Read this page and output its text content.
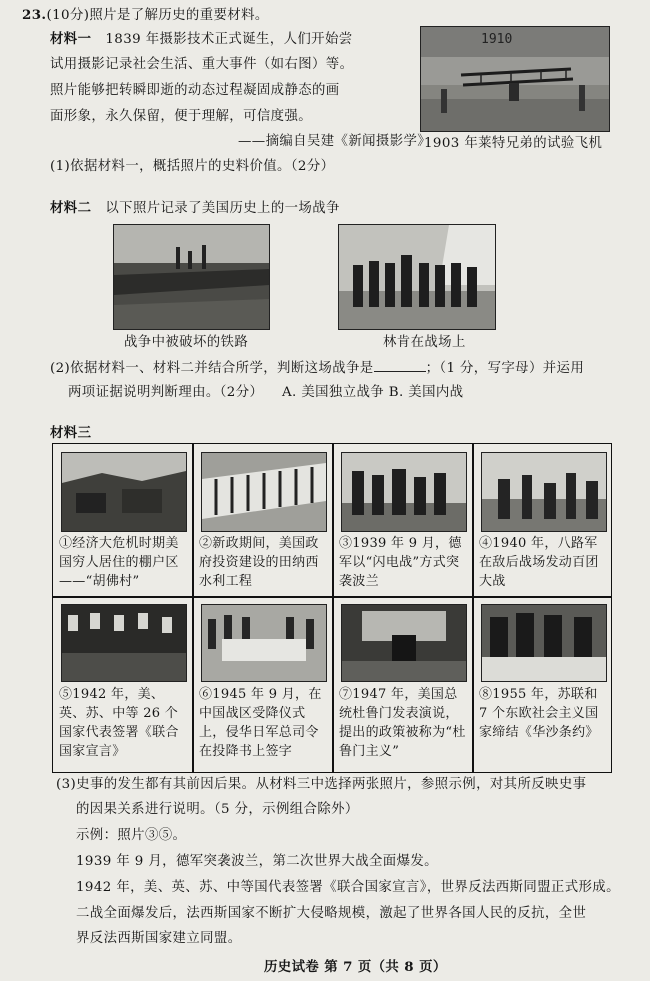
23.(10分)照片是了解历史的重要材料。
材料一 1839 年摄影技术正式诞生，人们开始尝
试用摄影记录社会生活、重大事件（如右图）等。
照片能够把转瞬即逝的动态过程凝固成静态的画
面形象，永久保留，便于理解，可信度强。
——摘编自吴建《新闻摄影学》
1910
1903 年莱特兄弟的试验飞机
(1)依据材料一，概括照片的史料价值。（2分）
材料二 以下照片记录了美国历史上的一场战争
战争中被破坏的铁路	林肯在战场上
(2)依据材料一、材料二并结合所学，判断这场战争是	；（1 分，写字母）并运用
两项证据说明判断理由。（2分） A. 美国独立战争 B. 美国内战
材料三
①经济大危机时期美国穷人居住的棚户区——“胡佛村”
②新政期间，美国政府投资建设的田纳西水利工程
③1939 年 9 月，德军以“闪电战”方式突袭波兰
④1940 年，八路军在敌后战场发动百团大战
⑤1942 年，美、英、苏、中等 26 个国家代表签署《联合国家宣言》
⑥1945 年 9 月，在中国战区受降仪式上，侵华日军总司令在投降书上签字
⑦1947 年，美国总统杜鲁门发表演说，提出的政策被称为“杜鲁门主义”
⑧1955 年，苏联和 7 个东欧社会主义国家缔结《华沙条约》
(3)史事的发生都有其前因后果。从材料三中选择两张照片，参照示例，对其所反映史事
的因果关系进行说明。（5 分，示例组合除外）
示例：照片③⑤。
1939 年 9 月，德军突袭波兰，第二次世界大战全面爆发。
1942 年，美、英、苏、中等国代表签署《联合国家宣言》，世界反法西斯同盟正式形成。
二战全面爆发后，法西斯国家不断扩大侵略规模，激起了世界各国人民的反抗，全世
界反法西斯国家建立同盟。
历史试卷 第 7 页（共 8 页）
